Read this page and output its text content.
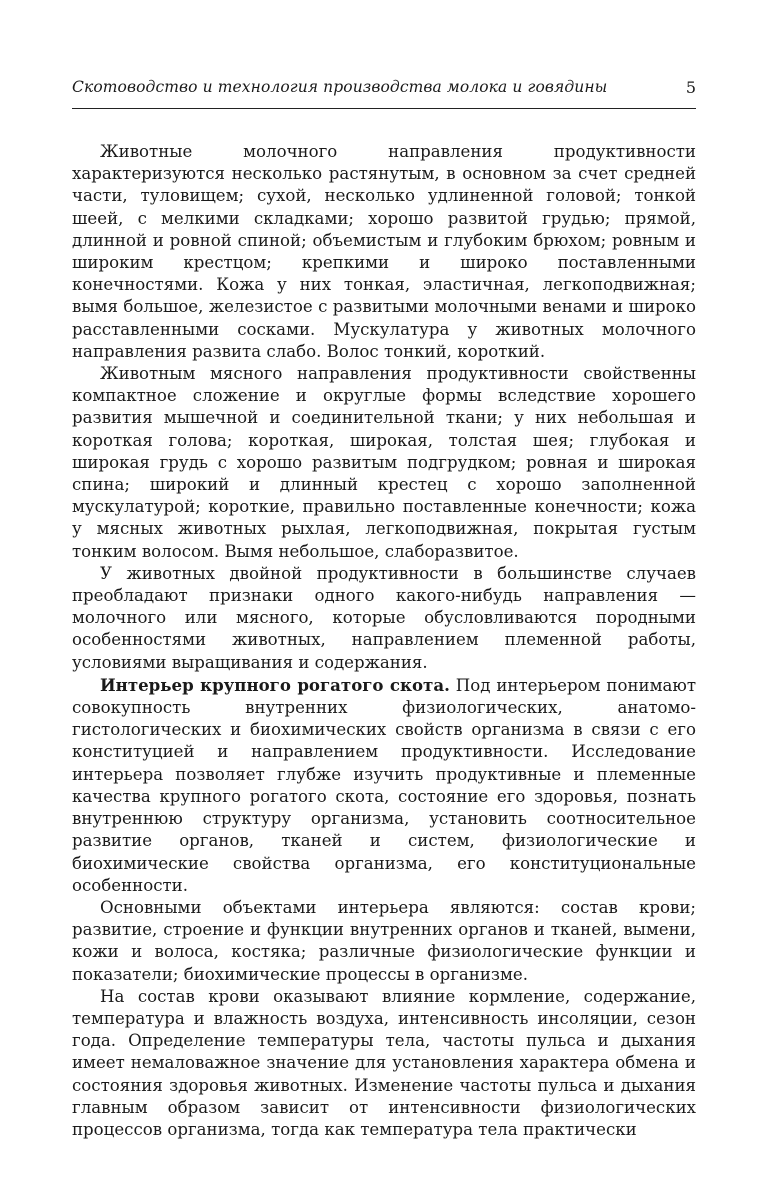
Скотоводство и технология производства молока и говядины	5

Животные молочного направления продуктивности характеризуются несколько растянутым, в основном за счет средней части, туловищем; сухой, несколько удлиненной головой; тонкой шеей, с мелкими складками; хорошо развитой грудью; прямой, длинной и ровной спиной; объемистым и глубоким брюхом; ровным и широким крестцом; крепкими и широко поставленными конечностями. Кожа у них тонкая, эластичная, легкоподвижная; вымя большое, железистое с развитыми молочными венами и широко расставленными сосками. Мускулатура у животных молочного направления развита слабо. Волос тонкий, короткий.

Животным мясного направления продуктивности свойственны компактное сложение и округлые формы вследствие хорошего развития мышечной и соединительной ткани; у них небольшая и короткая голова; короткая, широкая, толстая шея; глубокая и широкая грудь с хорошо развитым подгрудком; ровная и широкая спина; широкий и длинный крестец с хорошо заполненной мускулатурой; короткие, правильно поставленные конечности; кожа у мясных животных рыхлая, легкоподвижная, покрытая густым тонким волосом. Вымя небольшое, слаборазвитое.

У животных двойной продуктивности в большинстве случаев преобладают признаки одного какого-нибудь направления — молочного или мясного, которые обусловливаются породными особенностями животных, направлением племенной работы, условиями выращивания и содержания.

Интерьер крупного рогатого скота. Под интерьером понимают совокупность внутренних физиологических, анатомо-гистологических и биохимических свойств организма в связи с его конституцией и направлением продуктивности. Исследование интерьера позволяет глубже изучить продуктивные и племенные качества крупного рогатого скота, состояние его здоровья, познать внутреннюю структуру организма, установить соотносительное развитие органов, тканей и систем, физиологические и биохимические свойства организма, его конституциональные особенности.

Основными объектами интерьера являются: состав крови; развитие, строение и функции внутренних органов и тканей, вымени, кожи и волоса, костяка; различные физиологические функции и показатели; биохимические процессы в организме.

На состав крови оказывают влияние кормление, содержание, температура и влажность воздуха, интенсивность инсоляции, сезон года. Определение температуры тела, частоты пульса и дыхания имеет немаловажное значение для установления характера обмена и состояния здоровья животных. Изменение частоты пульса и дыхания главным образом зависит от интенсивности физиологических процессов организма, тогда как температура тела практически
